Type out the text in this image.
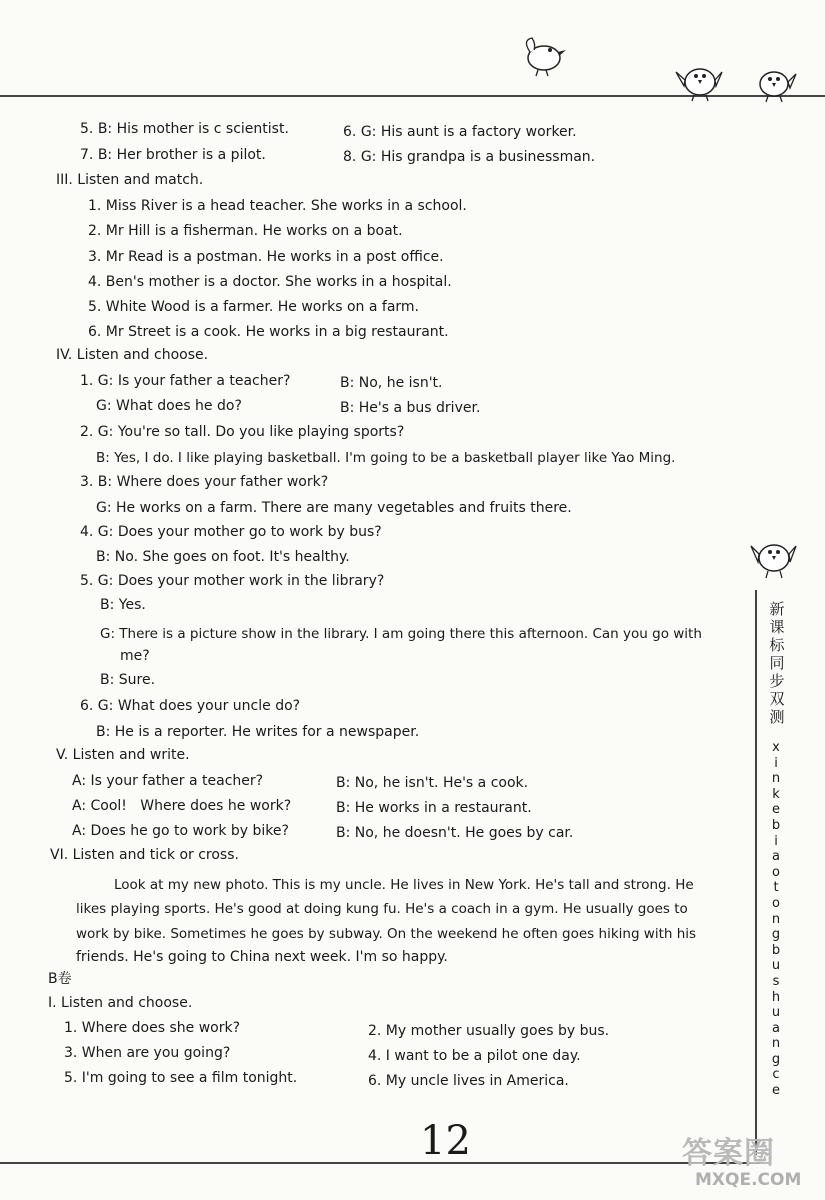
5. B: His mother is c scientist.	6. G: His aunt is a factory worker.
7. B: Her brother is a pilot.	8. G: His grandpa is a businessman.
III. Listen and match.
1. Miss River is a head teacher. She works in a school.
2. Mr Hill is a fisherman. He works on a boat.
3. Mr Read is a postman. He works in a post office.
4. Ben's mother is a doctor. She works in a hospital.
5. White Wood is a farmer. He works on a farm.
6. Mr Street is a cook. He works in a big restaurant.
IV. Listen and choose.
1. G: Is your father a teacher?	B: No, he isn't.
G: What does he do?	B: He's a bus driver.
2. G: You're so tall. Do you like playing sports?
B: Yes, I do. I like playing basketball. I'm going to be a basketball player like Yao Ming.
3. B: Where does your father work?
G: He works on a farm. There are many vegetables and fruits there.
4. G: Does your mother go to work by bus?
B: No. She goes on foot. It's healthy.
5. G: Does your mother work in the library?
B: Yes.
G: There is a picture show in the library. I am going there this afternoon. Can you go with
me?
B: Sure.
6. G: What does your uncle do?
B: He is a reporter. He writes for a newspaper.
V. Listen and write.
A: Is your father a teacher?	B: No, he isn't. He's a cook.
A: Cool!   Where does he work?	B: He works in a restaurant.
A: Does he go to work by bike?	B: No, he doesn't. He goes by car.
VI. Listen and tick or cross.
Look at my new photo. This is my uncle. He lives in New York. He's tall and strong. He
likes playing sports. He's good at doing kung fu. He's a coach in a gym. He usually goes to
work by bike. Sometimes he goes by subway. On the weekend he often goes hiking with his
friends. He's going to China next week. I'm so happy.
B卷
I. Listen and choose.
1. Where does she work?	2. My mother usually goes by bus.
3. When are you going?	4. I want to be a pilot one day.
5. I'm going to see a film tonight.	6. My uncle lives in America.
新
课
标
同
步
双
测
x
i
n
k
e
b
i
a
o
t
o
n
g
b
u
s
h
u
a
n
g
c
e
12	答案圈
MXQE.COM
